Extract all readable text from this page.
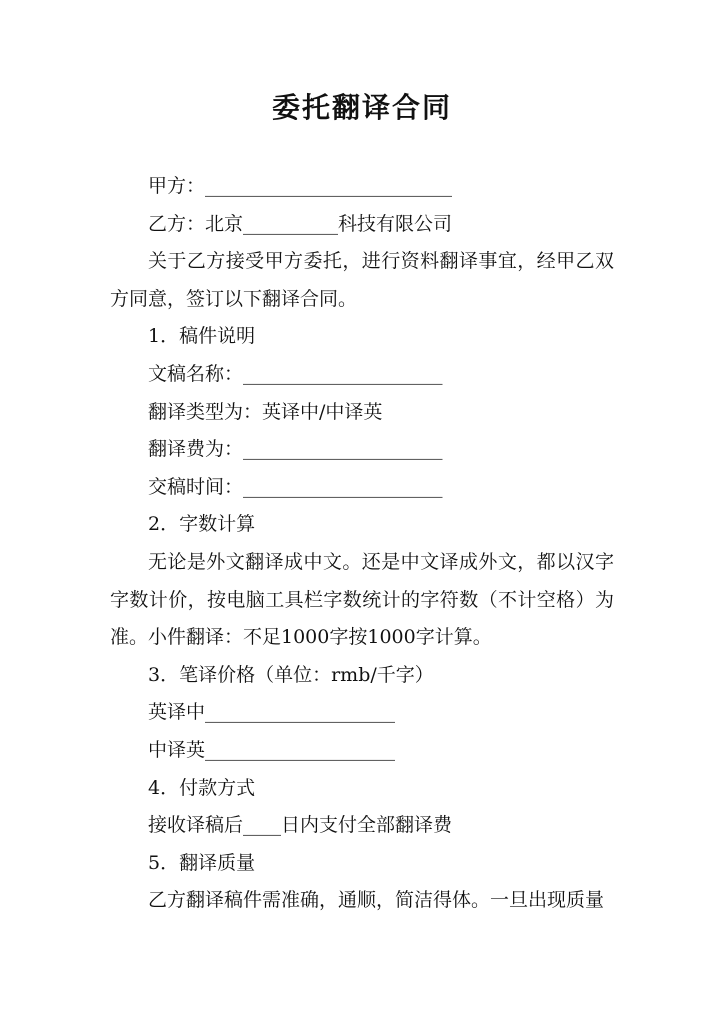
委托翻译合同

甲方：__________________________

乙方：北京__________科技有限公司

关于乙方接受甲方委托，进行资料翻译事宜，经甲乙双方同意，签订以下翻译合同。

1．稿件说明

文稿名称：_____________________

翻译类型为：英译中/中译英

翻译费为：_____________________

交稿时间：_____________________

2．字数计算

无论是外文翻译成中文。还是中文译成外文，都以汉字字数计价，按电脑工具栏字数统计的字符数（不计空格）为准。小件翻译：不足1000字按1000字计算。

3．笔译价格（单位：rmb/千字）

英译中____________________

中译英____________________

4．付款方式

接收译稿后____日内支付全部翻译费

5．翻译质量

乙方翻译稿件需准确，通顺，简洁得体。一旦出现质量
